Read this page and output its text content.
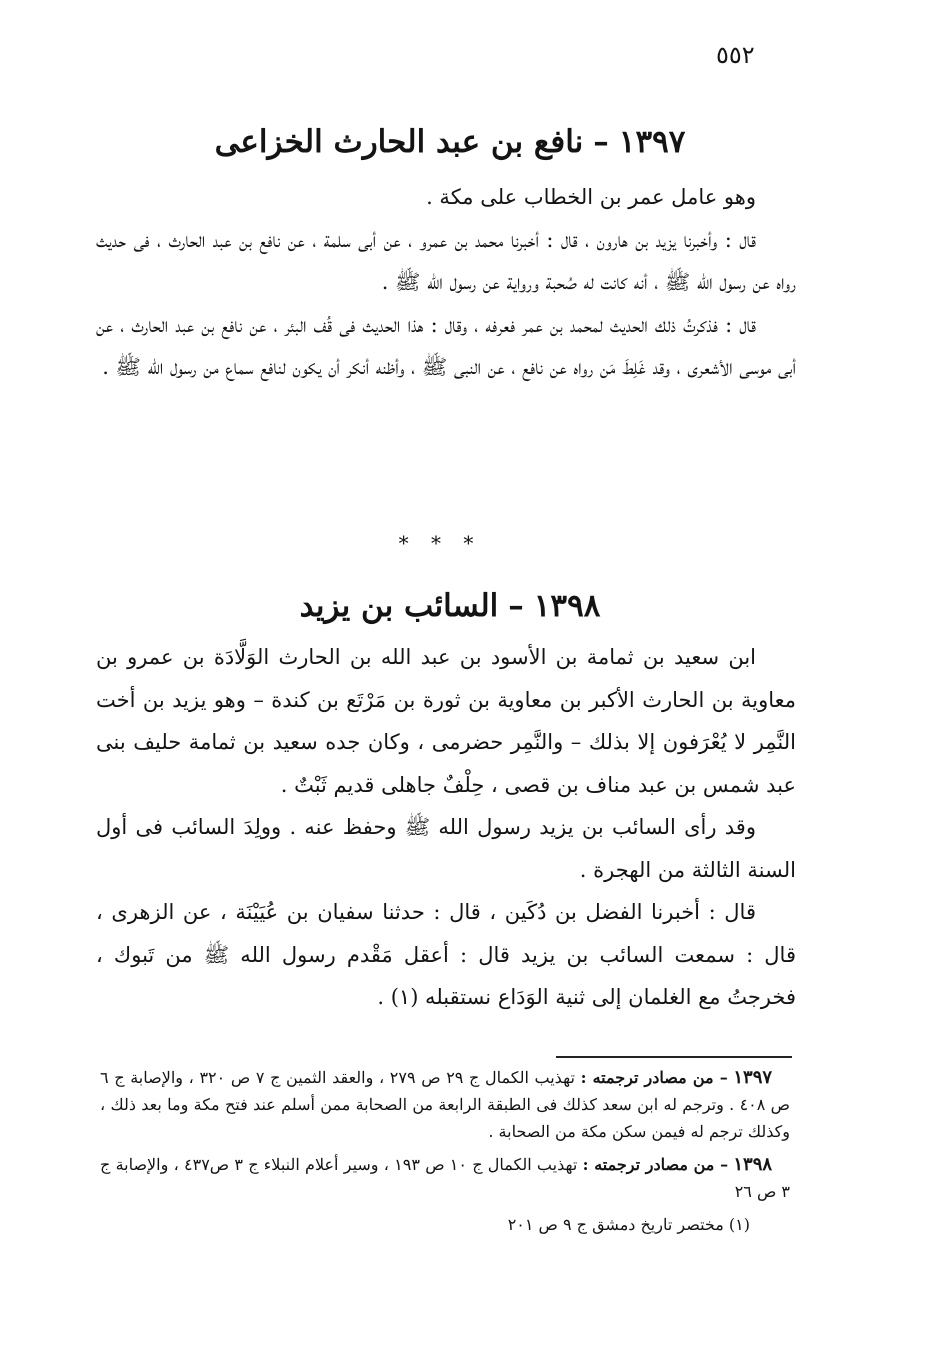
٥٥٢
١٣٩٧–نافع بن عبد الحارث الخزاعى

وهو عامل عمر بن الخطاب على مكة .

قال : وأخبرنا يزيد بن هارون ، قال : أخبرنا محمد بن عمرو ، عن أبى سلمة ، عن نافع بن عبد الحارث ، فى حديث رواه عن رسول الله ﷺ ، أنه كانت له صُحبة ورواية عن رسول الله ﷺ .

قال : فذكرتُ ذلك الحديث لمحمد بن عمر فعرفه ، وقال : هذا الحديث فى قُف البئر ، عن نافع بن عبد الحارث ، عن أبى موسى الأشعرى ، وقد غَلِطَ مَن رواه عن نافع ، عن النبى ﷺ ، وأظنه أنكر أن يكون لنافع سماع من رسول الله ﷺ .

* * *
١٣٩٨–السائب بن يزيد

ابن سعيد بن ثمامة بن الأسود بن عبد الله بن الحارث الوَلَّادَة بن عمرو بن معاوية بن الحارث الأكبر بن معاوية بن ثورة بن مَرْتَع بن كندة – وهو يزيد بن أخت النَّمِر لا يُعْرَفون إلا بذلك – والنَّمِر حضرمى ، وكان جده سعيد بن ثمامة حليف بنى عبد شمس بن عبد مناف بن قصى ، حِلْفٌ جاهلى قديم ثَبْتٌ .

وقد رأى السائب بن يزيد رسول الله ﷺ وحفظ عنه . وولِدَ السائب فى أول السنة الثالثة من الهجرة .

قال : أخبرنا الفضل بن دُكَين ، قال : حدثنا سفيان بن عُيَيْنَة ، عن الزهرى ، قال : سمعت السائب بن يزيد قال : أعقل مَقْدم رسول الله ﷺ من تَبوك ، فخرجتُ مع الغلمان إلى ثنية الوَدَاع نستقبله (١) .

١٣٩٧ – من مصادر ترجمته : تهذيب الكمال ج ٢٩ ص ٢٧٩ ، والعقد الثمين ج ٧ ص ٣٢٠ ، والإصابة ج ٦ ص ٤٠٨ . وترجم له ابن سعد كذلك فى الطبقة الرابعة من الصحابة ممن أسلم عند فتح مكة وما بعد ذلك ، وكذلك ترجم له فيمن سكن مكة من الصحابة .

١٣٩٨ – من مصادر ترجمته : تهذيب الكمال ج ١٠ ص ١٩٣ ، وسير أعلام النبلاء ج ٣ ص٤٣٧ ، والإصابة ج ٣ ص ٢٦

(١) مختصر تاريخ دمشق ج ٩ ص ٢٠١
